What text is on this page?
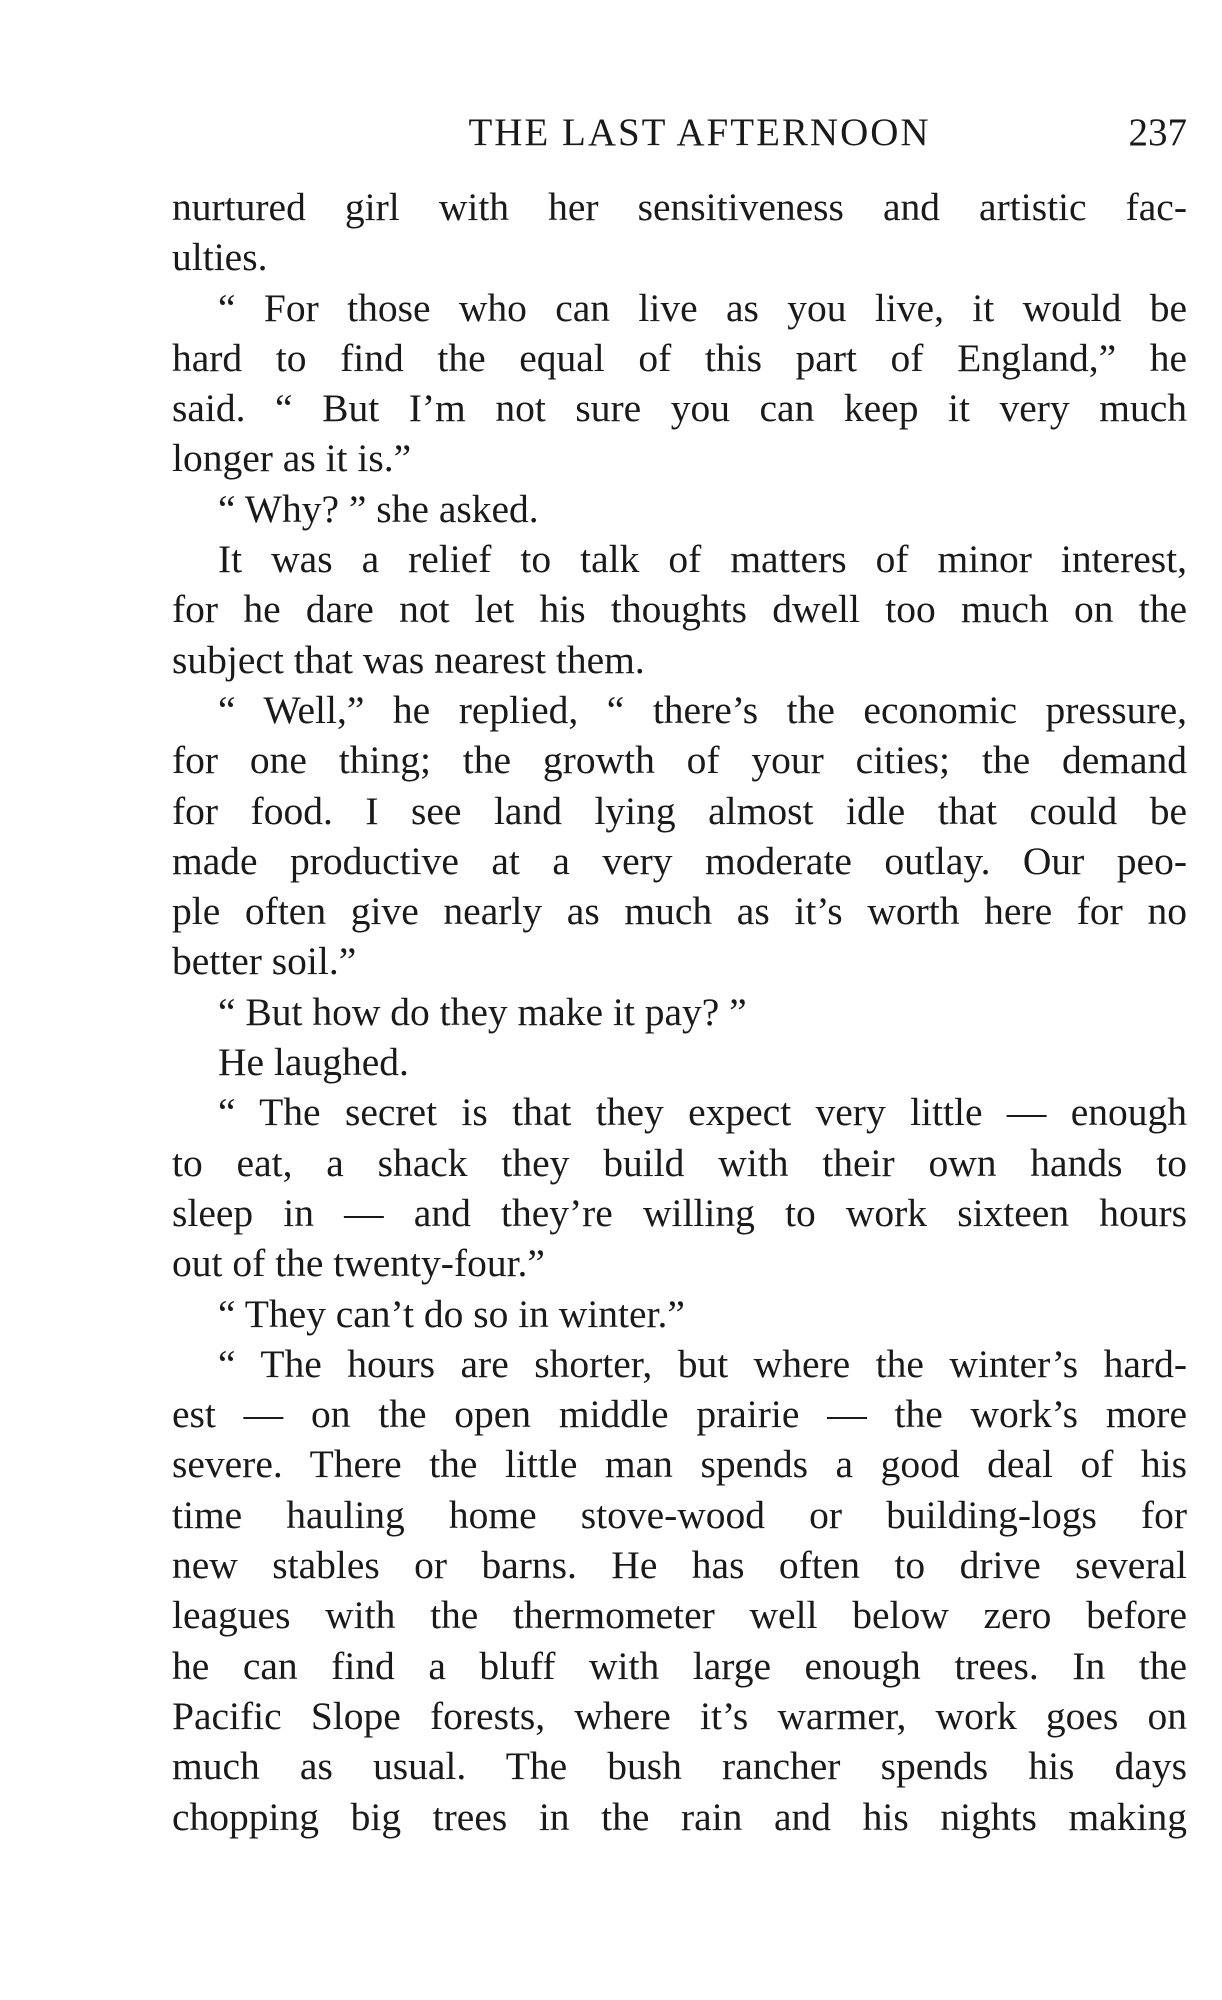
THE LAST AFTERNOON	237
nurtured girl with her sensitiveness and artistic fac-
ulties.
“ For those who can live as you live, it would be
hard to find the equal of this part of England,” he
said. “ But I’m not sure you can keep it very much
longer as it is.”
“ Why? ” she asked.
It was a relief to talk of matters of minor interest,
for he dare not let his thoughts dwell too much on the
subject that was nearest them.
“ Well,” he replied, “ there’s the economic pressure,
for one thing; the growth of your cities; the demand
for food. I see land lying almost idle that could be
made productive at a very moderate outlay. Our peo-
ple often give nearly as much as it’s worth here for no
better soil.”
“ But how do they make it pay? ”
He laughed.
“ The secret is that they expect very little — enough
to eat, a shack they build with their own hands to
sleep in — and they’re willing to work sixteen hours
out of the twenty-four.”
“ They can’t do so in winter.”
“ The hours are shorter, but where the winter’s hard-
est — on the open middle prairie — the work’s more
severe. There the little man spends a good deal of his
time hauling home stove-wood or building-logs for
new stables or barns. He has often to drive several
leagues with the thermometer well below zero before
he can find a bluff with large enough trees. In the
Pacific Slope forests, where it’s warmer, work goes on
much as usual. The bush rancher spends his days
chopping big trees in the rain and his nights making
